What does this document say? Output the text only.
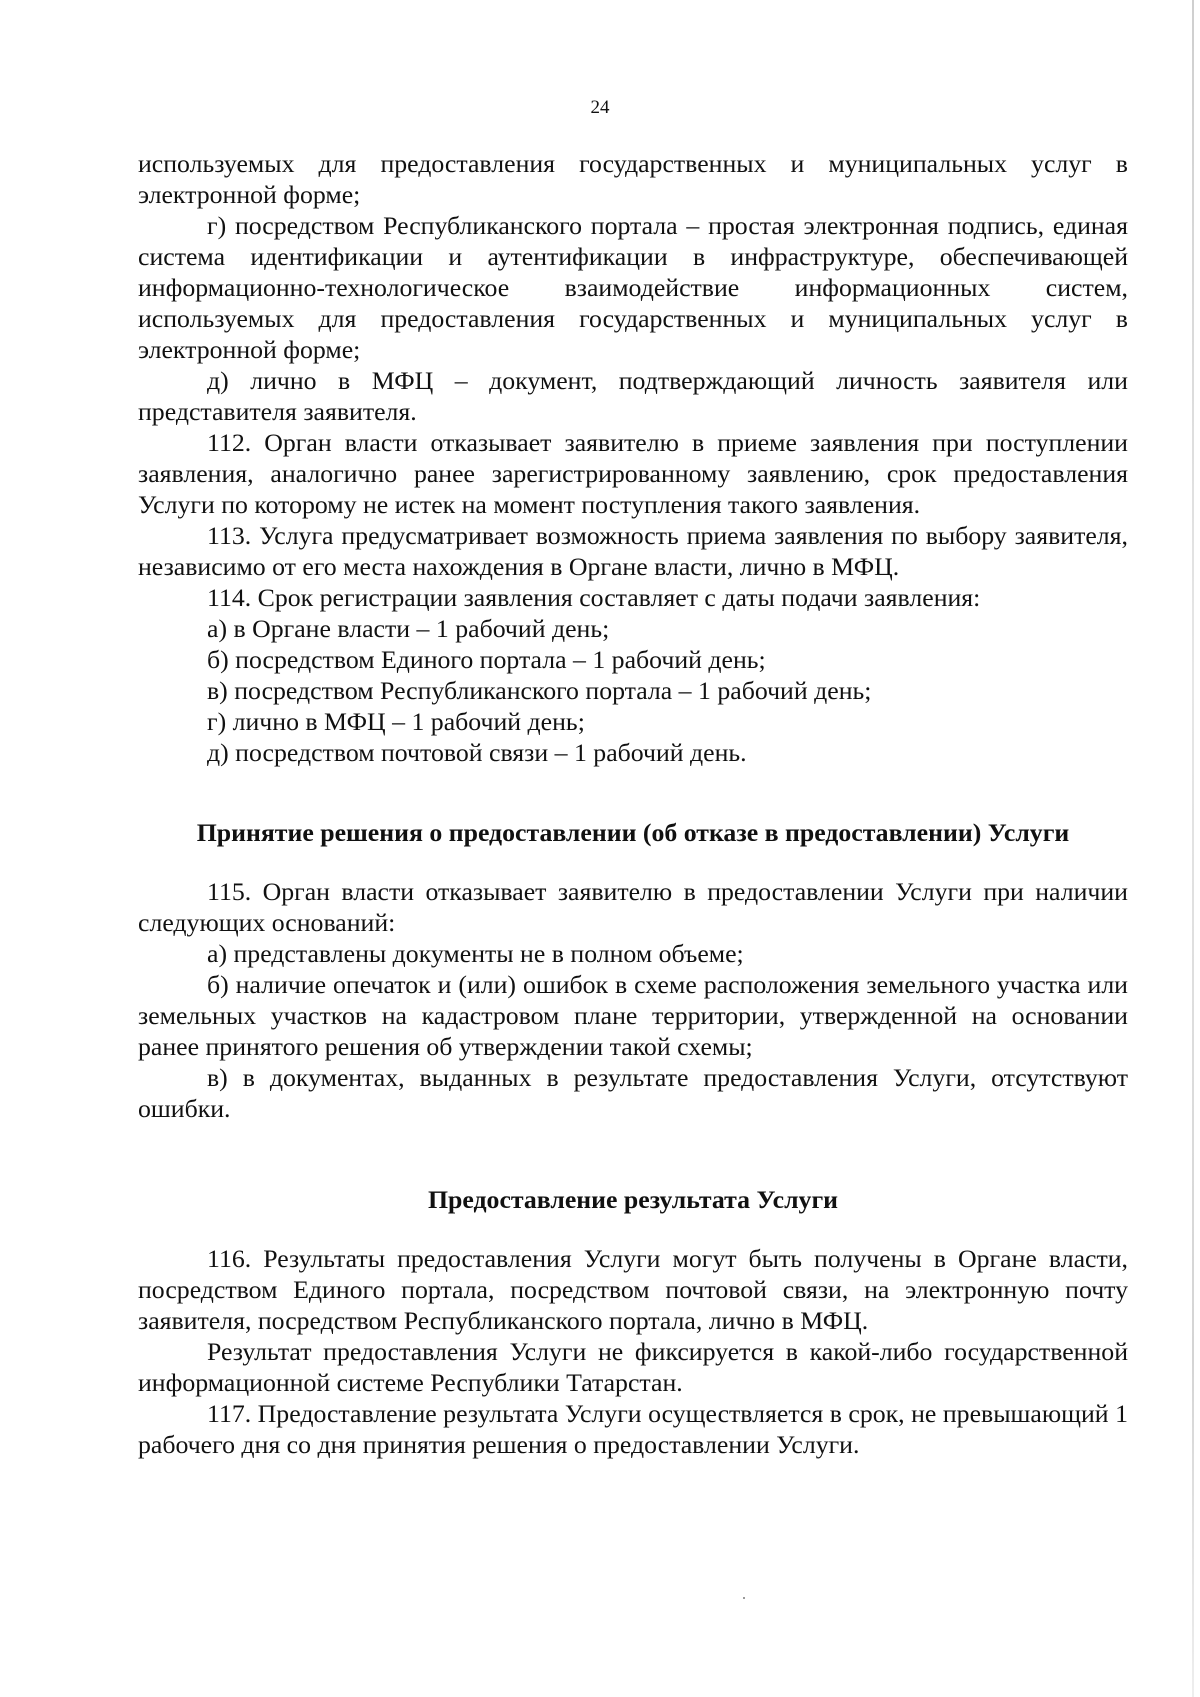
24

используемых для предоставления государственных и муниципальных услуг в электронной форме;

г) посредством Республиканского портала – простая электронная подпись, единая система идентификации и аутентификации в инфраструктуре, обеспечивающей информационно-технологическое взаимодействие информационных систем, используемых для предоставления государственных и муниципальных услуг в электронной форме;

д) лично в МФЦ – документ, подтверждающий личность заявителя или представителя заявителя.

112. Орган власти отказывает заявителю в приеме заявления при поступлении заявления, аналогично ранее зарегистрированному заявлению, срок предоставления Услуги по которому не истек на момент поступления такого заявления.

113. Услуга предусматривает возможность приема заявления по выбору заявителя, независимо от его места нахождения в Органе власти, лично в МФЦ.

114. Срок регистрации заявления составляет с даты подачи заявления:

а) в Органе власти – 1 рабочий день;

б) посредством Единого портала – 1 рабочий день;

в) посредством Республиканского портала – 1 рабочий день;

г) лично в МФЦ – 1 рабочий день;

д) посредством почтовой связи – 1 рабочий день.

Принятие решения о предоставлении (об отказе в предоставлении) Услуги

115. Орган власти отказывает заявителю в предоставлении Услуги при наличии следующих оснований:

а) представлены документы не в полном объеме;

б) наличие опечаток и (или) ошибок в схеме расположения земельного участка или земельных участков на кадастровом плане территории, утвержденной на основании ранее принятого решения об утверждении такой схемы;

в) в документах, выданных в результате предоставления Услуги, отсутствуют ошибки.

Предоставление результата Услуги

116. Результаты предоставления Услуги могут быть получены в Органе власти, посредством Единого портала, посредством почтовой связи, на электронную почту заявителя, посредством Республиканского портала, лично в МФЦ.

Результат предоставления Услуги не фиксируется в какой-либо государственной информационной системе Республики Татарстан.

117. Предоставление результата Услуги осуществляется в срок, не превышающий 1 рабочего дня со дня принятия решения о предоставлении Услуги.
